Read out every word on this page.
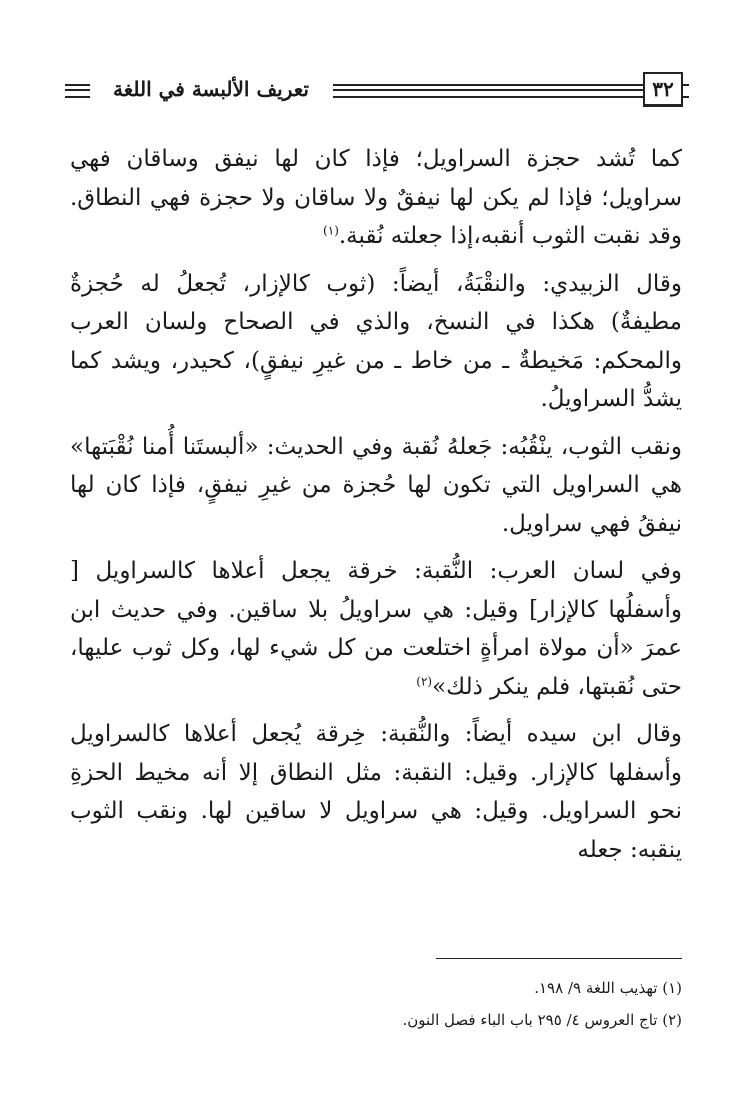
تعريف الألبسة في اللغة	٣٢

كما تُشد حجزة السراويل؛ فإذا كان لها نيفق وساقان فهي سراويل؛ فإذا لم يكن لها نيفقٌ ولا ساقان ولا حجزة فهي النطاق. وقد نقبت الثوب أنقبه،إذا جعلته نُقبة.$^{(١)}$

وقال الزبيدي: والنقْبَةُ، أيضاً: (ثوب كالإزار، تُجعلُ له حُجزةٌ مطيفةٌ) هكذا في النسخ، والذي في الصحاح ولسان العرب والمحكم: مَخيطةٌ ـ من خاط ـ من غيرِ نيفقٍ)، كحيدر، ويشد كما يشدُّ السراويلُ.

ونقب الثوب، ينْقُبُه: جَعلهُ نُقبة وفي الحديث: «ألبستَنا أُمنا نُقْبَتها» هي السراويل التي تكون لها حُجزة من غيرِ نيفقٍ، فإذا كان لها نيفقُ فهي سراويل.

وفي لسان العرب: النُّقبة: خرقة يجعل أعلاها كالسراويل [ وأسفلُها كالإزار] وقيل: هي سراويلُ بلا ساقين. وفي حديث ابن عمرَ «أن مولاة امرأةٍ اختلعت من كل شيء لها، وكل ثوب عليها، حتى نُقبتها، فلم ينكر ذلك»$^{(٢)}$

وقال ابن سيده أيضاً: والنُّقبة: خِرقة يُجعل أعلاها كالسراويل وأسفلها كالإزار. وقيل: النقبة: مثل النطاق إلا أنه مخيط الحزةِ نحو السراويل. وقيل: هي سراويل لا ساقين لها. ونقب الثوب ينقبه: جعله

(١) تهذيب اللغة ٩/ ١٩٨.

(٢) تاج العروس ٤/ ٢٩٥ باب الباء فصل النون.
